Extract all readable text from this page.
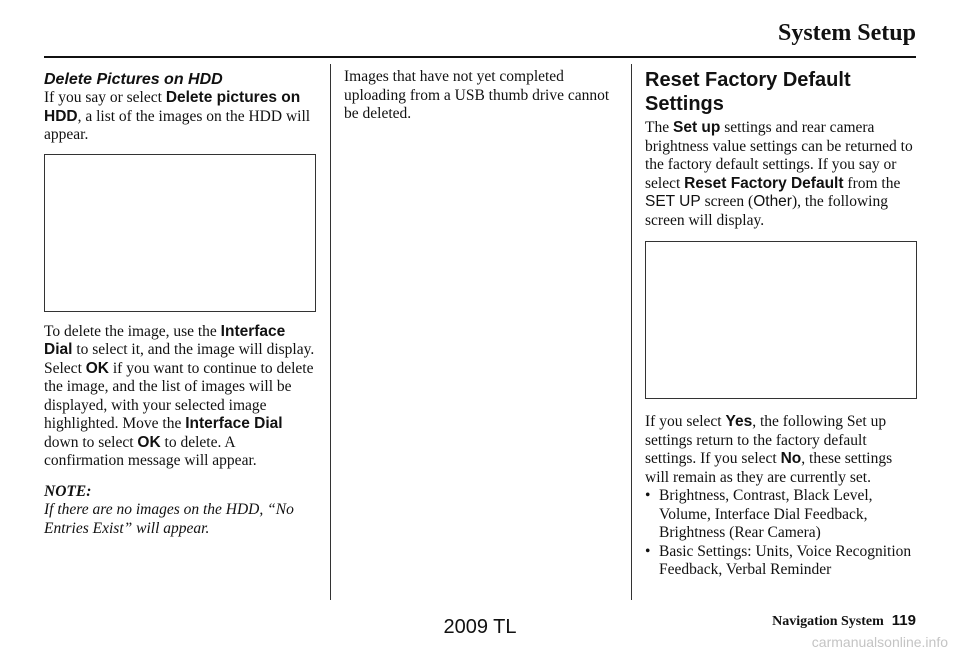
System Setup
Delete Pictures on HDD

If you say or select Delete pictures on HDD, a list of the images on the HDD will appear.

To delete the image, use the Interface Dial to select it, and the image will display. Select OK if you want to continue to delete the image, and the list of images will be displayed, with your selected image highlighted. Move the Interface Dial down to select OK to delete. A confirmation message will appear.

NOTE:

If there are no images on the HDD, “No Entries Exist” will appear.

Images that have not yet completed uploading from a USB thumb drive cannot be deleted.

Reset Factory Default Settings

The Set up settings and rear camera brightness value settings can be returned to the factory default settings. If you say or select Reset Factory Default from the SET UP screen (Other), the following screen will display.

If you select Yes, the following Set up settings return to the factory default settings. If you select No, these settings will remain as they are currently set.

• Brightness, Contrast, Black Level, Volume, Interface Dial Feedback, Brightness (Rear Camera)
• Basic Settings: Units, Voice Recognition Feedback, Verbal Reminder
Navigation System 119
2009 TL
carmanualsonline.info
